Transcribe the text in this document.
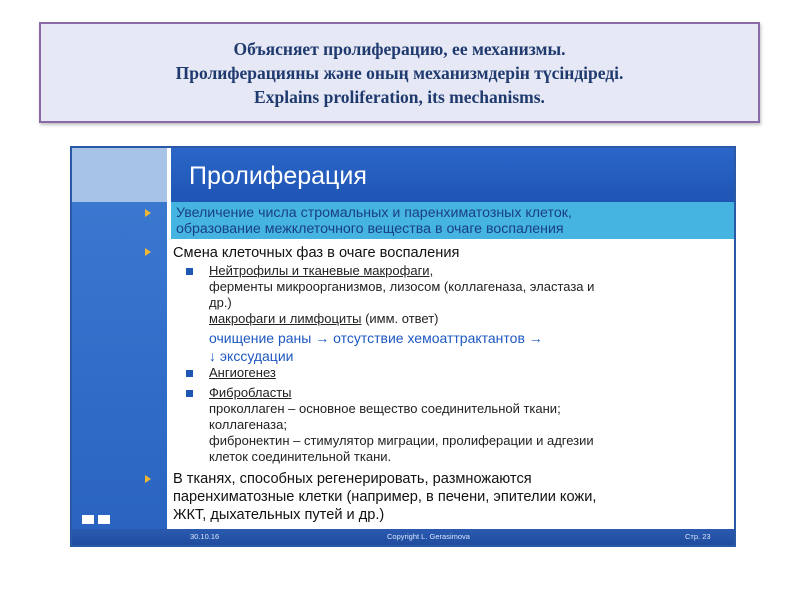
Объясняет пролиферацию, ее механизмы.
Пролиферацияны және оның механизмдерін түсіндіреді.
Explains proliferation, its mechanisms.
Пролиферация
Увеличение числа стромальных и паренхиматозных клеток,
образование межклеточного вещества в очаге воспаления
Смена клеточных фаз в очаге воспаления
Нейтрофилы и тканевые макрофаги,
ферменты микроорганизмов, лизосом (коллагеназа, эластаза и
др.)
макрофаги и лимфоциты (имм. ответ)
очищение раны → отсутствие хемоаттрактантов →
↓ экссудации
Ангиогенез
Фибробласты
проколлаген – основное вещество соединительной ткани;
коллагеназа;
фибронектин – стимулятор миграции, пролиферации и адгезии
клеток соединительной ткани.
В тканях, способных регенерировать, размножаются
паренхиматозные клетки (например, в печени, эпителии кожи,
ЖКТ, дыхательных путей и др.)
30.10.16	Copyright L. Gerasimova	Стр. 23
